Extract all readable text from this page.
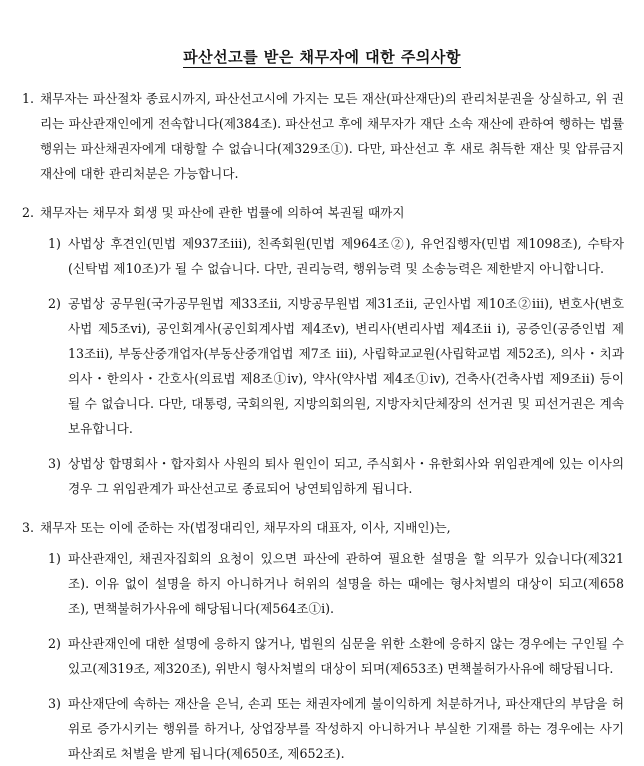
파산선고를 받은 채무자에 대한 주의사항
1. 채무자는 파산절차 종료시까지, 파산선고시에 가지는 모든 재산(파산재단)의 관리처분권을 상실하고, 위 권리는 파산관재인에게 전속합니다(제384조). 파산선고 후에 채무자가 재단 소속 재산에 관하여 행하는 법률행위는 파산채권자에게 대항할 수 없습니다(제329조①). 다만, 파산선고 후 새로 취득한 재산 및 압류금지재산에 대한 관리처분은 가능합니다.
2. 채무자는 채무자 회생 및 파산에 관한 법률에 의하여 복권될 때까지
1) 사법상 후견인(민법 제937조iii), 친족회원(민법 제964조②), 유언집행자(민법 제1098조), 수탁자(신탁법 제10조)가 될 수 없습니다. 다만, 권리능력, 행위능력 및 소송능력은 제한받지 아니합니다.
2) 공법상 공무원(국가공무원법 제33조ii, 지방공무원법 제31조ii, 군인사법 제10조②iii), 변호사(변호사법 제5조vi), 공인회계사(공인회계사법 제4조v), 변리사(변리사법 제4조ii i), 공증인(공증인법 제13조ii), 부동산중개업자(부동산중개업법 제7조 iii), 사립학교교원(사립학교법 제52조), 의사・치과의사・한의사・간호사(의료법 제8조①iv), 약사(약사법 제4조①iv), 건축사(건축사법 제9조ii) 등이 될 수 없습니다. 다만, 대통령, 국회의원, 지방의회의원, 지방자치단체장의 선거권 및 피선거권은 계속 보유합니다.
3) 상법상 합명회사・합자회사 사원의 퇴사 원인이 되고, 주식회사・유한회사와 위임관계에 있는 이사의 경우 그 위임관계가 파산선고로 종료되어 낭연퇴임하게 됩니다.
3. 채무자 또는 이에 준하는 자(법정대리인, 채무자의 대표자, 이사, 지배인)는,
1) 파산관재인, 채권자집회의 요청이 있으면 파산에 관하여 필요한 설명을 할 의무가 있습니다(제321조). 이유 없이 설명을 하지 아니하거나 허위의 설명을 하는 때에는 형사처벌의 대상이 되고(제658조), 면책불허가사유에 해당됩니다(제564조①i).
2) 파산관재인에 대한 설명에 응하지 않거나, 법원의 심문을 위한 소환에 응하지 않는 경우에는 구인될 수 있고(제319조, 제320조), 위반시 형사처벌의 대상이 되며(제653조) 면책불허가사유에 해당됩니다.
3) 파산재단에 속하는 재산을 은닉, 손괴 또는 채권자에게 불이익하게 처분하거나, 파산재단의 부담을 허위로 증가시키는 행위를 하거나, 상업장부를 작성하지 아니하거나 부실한 기재를 하는 경우에는 사기파산죄로 처벌을 받게 됩니다(제650조, 제652조).
